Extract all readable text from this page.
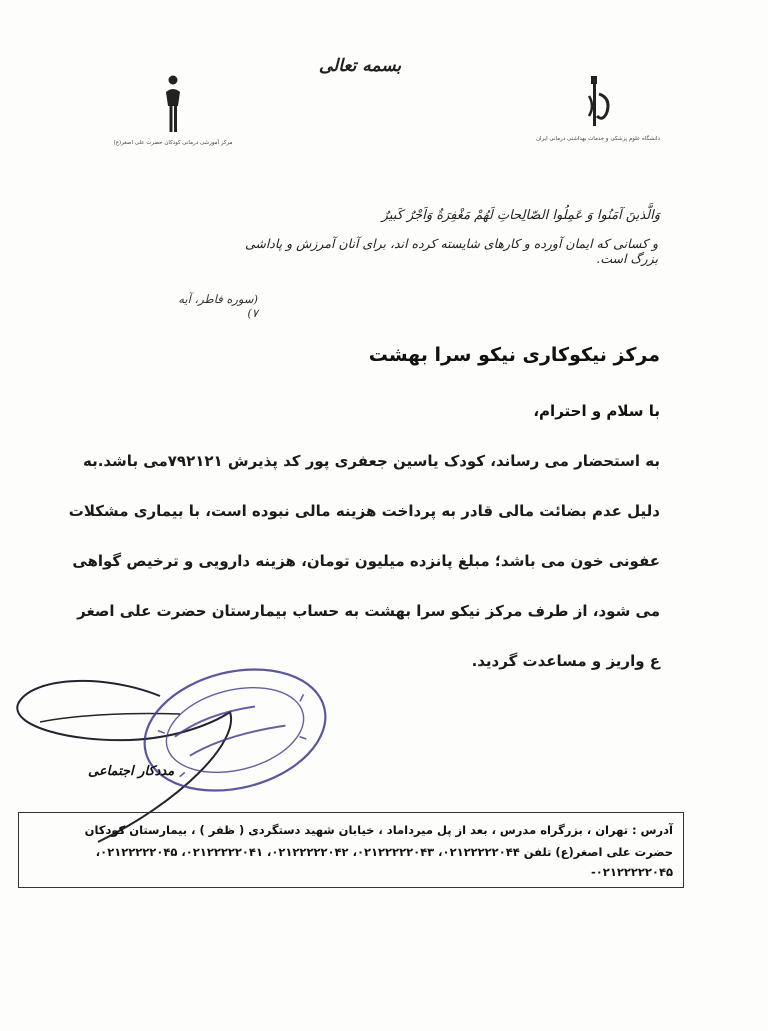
بسمه تعالی
مرکز آموزشی درمانی کودکان حضرت علی اصغر(ع)
دانشگاه علوم پزشکی و خدمات بهداشتی درمانی ایران
وَالَّذينَ آمَنُوا وَ عَمِلُوا الصّالِحاتِ لَهُمْ مَغْفِرَةٌ وَاَجْرٌ كَبيرٌ
و کسانی که ایمان آورده و کارهای شایسته کرده اند، برای آنان آمرزش و پاداشی بزرگ است.
(سوره فاطر، آیه ۷)
مرکز نیکوکاری نیکو سرا بهشت
با سلام و احترام،
به استحضار می رساند، کودک یاسین جعفری پور کد پذیرش ۷۹۲۱۲۱می باشد.به
دلیل عدم بضائت مالی قادر به پرداخت هزینه مالی نبوده است، با بیماری مشکلات
عفونی خون می باشد؛ مبلغ پانزده میلیون تومان، هزینه دارویی و ترخیص گواهی
می شود، از طرف مرکز نیکو سرا بهشت به حساب بیمارستان حضرت علی اصغر
ع واریز و مساعدت گردید.
مددکار اجتماعی
آدرس : تهران ، بزرگراه مدرس ، بعد از پل میرداماد ، خیابان شهید دستگردی ( ظفر ) ، بیمارستان کودکان
حضرت علی اصغر(ع) تلفن ۰۲۱۲۲۲۲۲۰۴۴، ۰۲۱۲۲۲۲۲۰۴۳، ۰۲۱۲۲۲۲۲۰۴۲، ۰۲۱۲۲۲۲۲۰۴۱، ۰۲۱۲۲۲۲۲۰۴۵،
۰۲۱۲۲۲۲۲۰۴۵-
